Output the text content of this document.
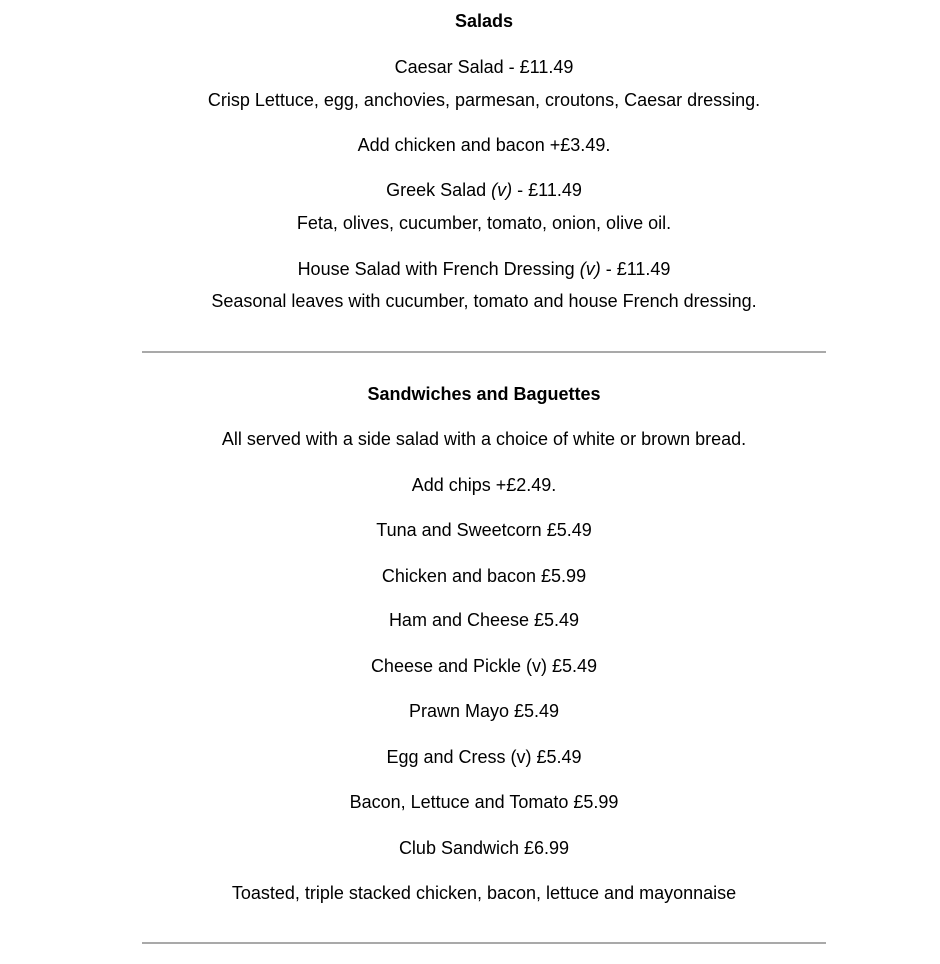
Salads
Caesar Salad - £11.49
Crisp Lettuce, egg, anchovies, parmesan, croutons, Caesar dressing.
Add chicken and bacon +£3.49.
Greek Salad (v) - £11.49
Feta, olives, cucumber, tomato, onion, olive oil.
House Salad with French Dressing (v) - £11.49
Seasonal leaves with cucumber, tomato and house French dressing.
Sandwiches and Baguettes
All served with a side salad with a choice of white or brown bread.
Add chips +£2.49.
Tuna and Sweetcorn £5.49
Chicken and bacon £5.99
Ham and Cheese £5.49
Cheese and Pickle (v) £5.49
Prawn Mayo £5.49
Egg and Cress (v) £5.49
Bacon, Lettuce and Tomato £5.99
Club Sandwich £6.99
Toasted, triple stacked chicken, bacon, lettuce and mayonnaise
